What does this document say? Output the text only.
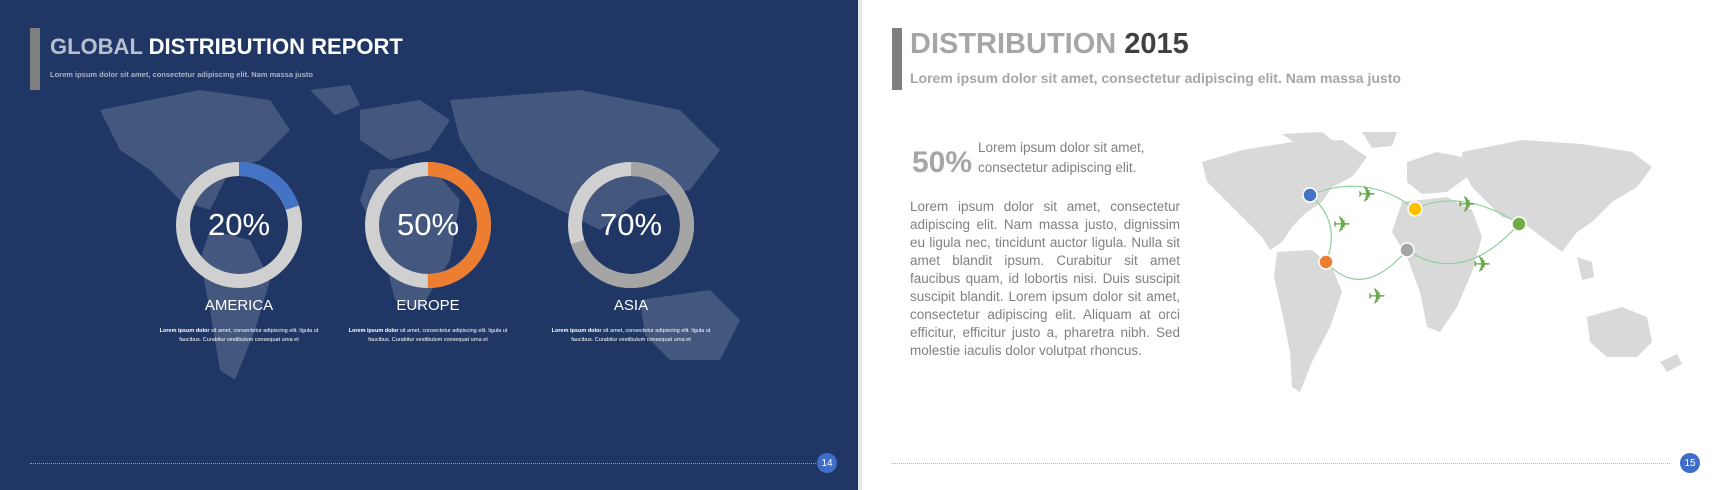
GLOBAL DISTRIBUTION REPORT
Lorem ipsum dolor sit amet, consectetur adipiscing elit. Nam massa justo
20%
AMERICA
Lorem ipsum dolor sit amet, consectetur adipiscing elit. ligula ut
faucibus. Curabitur vestibulum consequat urna et
50%
EUROPE
Lorem ipsum dolor sit amet, consectetur adipiscing elit. ligula ut
faucibus. Curabitur vestibulum consequat urna et
70%
ASIA
Lorem ipsum dolor sit amet, consectetur adipiscing elit. ligula ut
faucibus. Curabitur vestibulum consequat urna et
14
DISTRIBUTION 2015
Lorem ipsum dolor sit amet, consectetur adipiscing elit. Nam massa justo
50% Lorem ipsum dolor sit amet, consectetur adipiscing elit.
Lorem ipsum dolor sit amet, consectetur adipiscing elit. Nam massa justo, dignissim eu ligula nec, tincidunt auctor ligula. Nulla sit amet blandit ipsum. Curabitur sit amet faucibus quam, id lobortis nisi. Duis suscipit suscipit blandit. Lorem ipsum dolor sit amet, consectetur adipiscing elit. Aliquam at orci efficitur, efficitur justo a, pharetra nibh. Sed molestie iaculis dolor volutpat rhoncus.
✈
✈
✈
✈
✈
15
